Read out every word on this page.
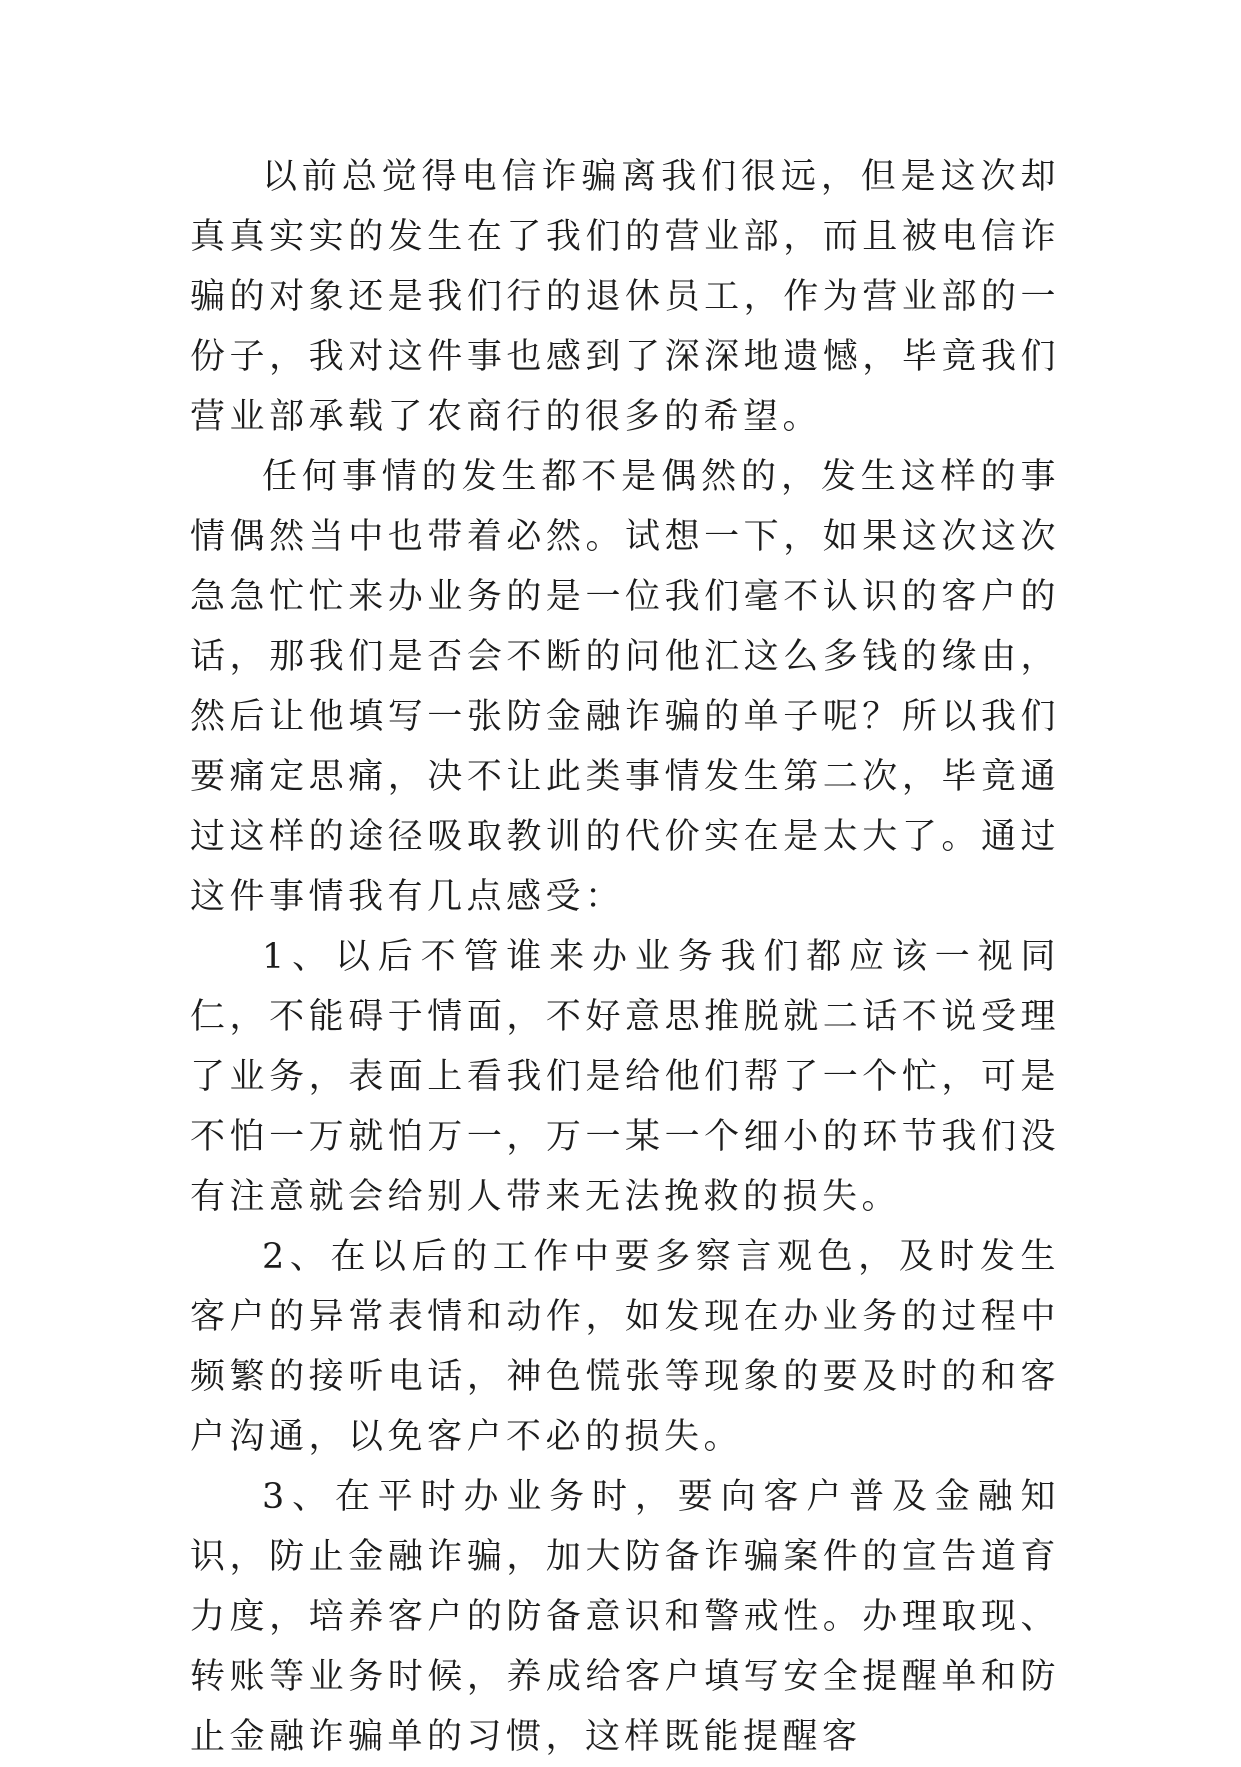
以前总觉得电信诈骗离我们很远，但是这次却真真实实的发生在了我们的营业部，而且被电信诈骗的对象还是我们行的退休员工，作为营业部的一份子，我对这件事也感到了深深地遗憾，毕竟我们营业部承载了农商行的很多的希望。

任何事情的发生都不是偶然的，发生这样的事情偶然当中也带着必然。试想一下，如果这次这次急急忙忙来办业务的是一位我们毫不认识的客户的话，那我们是否会不断的问他汇这么多钱的缘由，然后让他填写一张防金融诈骗的单子呢？所以我们要痛定思痛，决不让此类事情发生第二次，毕竟通过这样的途径吸取教训的代价实在是太大了。通过这件事情我有几点感受：

1、以后不管谁来办业务我们都应该一视同仁，不能碍于情面，不好意思推脱就二话不说受理了业务，表面上看我们是给他们帮了一个忙，可是不怕一万就怕万一，万一某一个细小的环节我们没有注意就会给别人带来无法挽救的损失。

2、在以后的工作中要多察言观色，及时发生客户的异常表情和动作，如发现在办业务的过程中频繁的接听电话，神色慌张等现象的要及时的和客户沟通，以免客户不必的损失。

3、在平时办业务时，要向客户普及金融知识，防止金融诈骗，加大防备诈骗案件的宣告道育力度，培养客户的防备意识和警戒性。办理取现、转账等业务时候，养成给客户填写安全提醒单和防止金融诈骗单的习惯，这样既能提醒客
